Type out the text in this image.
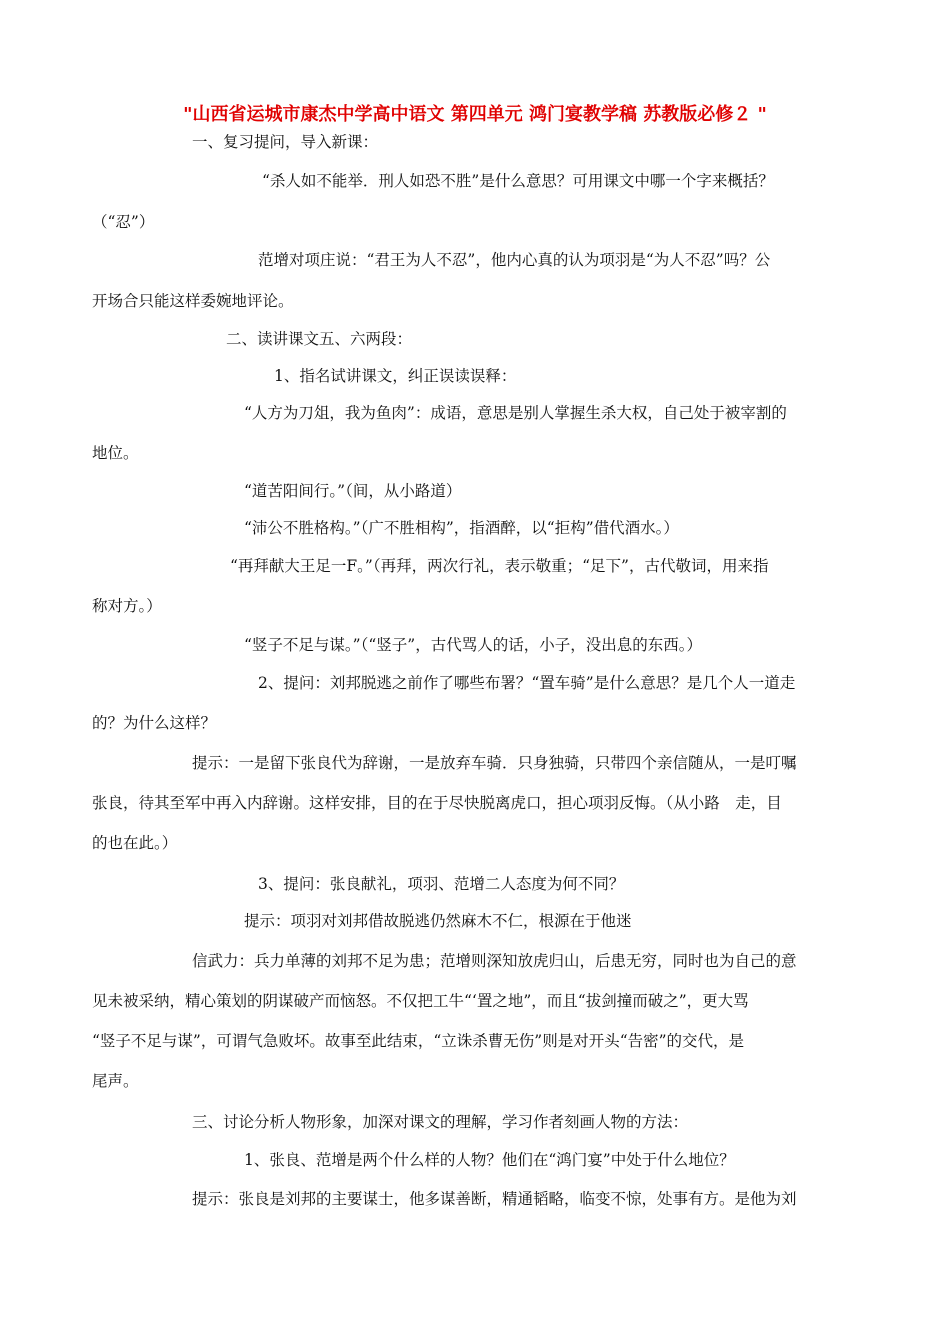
"山西省运城市康杰中学高中语文 第四单元 鸿门宴教学稿 苏教版必修２ "
一、复习提问，导入新课：
“杀人如不能举．刑人如恐不胜”是什么意思？可用课文中哪一个字来概括？
（“忍”）
范增对项庄说：“君王为人不忍”，他内心真的认为项羽是“为人不忍”吗？公
开场合只能这样委婉地评论。
二、读讲课文五、六两段：
1、指名试讲课文，纠正误读误释：
“人方为刀俎，我为鱼肉”：成语，意思是别人掌握生杀大权，自己处于被宰割的
地位。
“道苦阳间行。”（间，从小路道）
“沛公不胜格构。”（广不胜相构”，指酒醉，以“拒构”借代酒水。）
“再拜献大王足一F。”（再拜，两次行礼，表示敬重；“足下”，古代敬词，用来指
称对方。）
“竖子不足与谋。”（“竖子”，古代骂人的话，小子，没出息的东西。）
2、提问：刘邦脱逃之前作了哪些布署？“置车骑”是什么意思？是几个人一道走
的？为什么这样？
提示：一是留下张良代为辞谢，一是放弃车骑．只身独骑，只带四个亲信随从，一是叮嘱
张良，待其至军中再入内辞谢。这样安排，目的在于尽快脱离虎口，担心项羽反悔。（从小路　走，目
的也在此。）
3、提问：张良献礼，项羽、范增二人态度为何不同？
提示：项羽对刘邦借故脱逃仍然麻木不仁，根源在于他迷
信武力：兵力单薄的刘邦不足为患；范增则深知放虎归山，后患无穷，同时也为自己的意
见未被采纳，精心策划的阴谋破产而恼怒。不仅把工牛“‘置之地”，而且“拔剑撞而破之”，更大骂
“竖子不足与谋”，可谓气急败坏。故事至此结束，“立诛杀曹无伤”则是对开头“告密”的交代，是
尾声。
三、讨论分析人物形象，加深对课文的理解，学习作者刻画人物的方法：
1、张良、范增是两个什么样的人物？他们在“鸿门宴”中处于什么地位？
提示：张良是刘邦的主要谋士，他多谋善断，精通韬略，临变不惊，处事有方。是他为刘
